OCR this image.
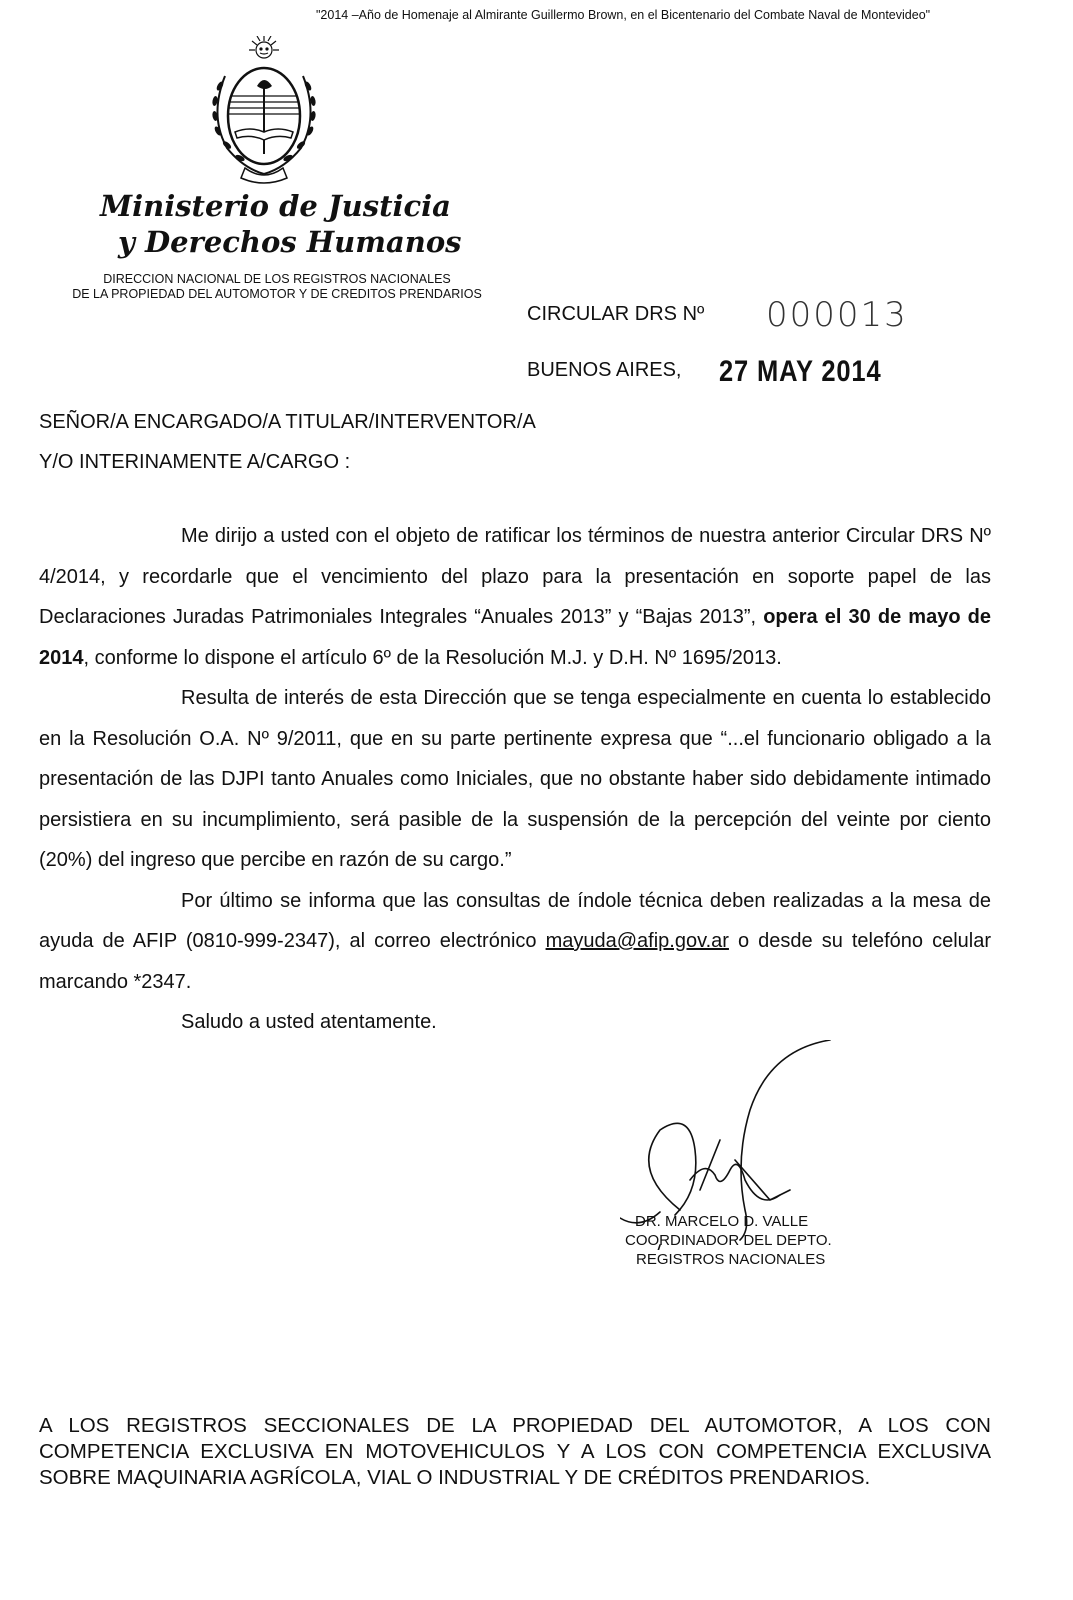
"2014 –Año de Homenaje al Almirante Guillermo Brown, en el Bicentenario del Combate Naval de Montevideo"
Ministerio de Justicia
y Derechos Humanos
DIRECCION NACIONAL DE LOS REGISTROS NACIONALES
DE LA PROPIEDAD DEL AUTOMOTOR Y DE CREDITOS PRENDARIOS
CIRCULAR DRS Nº 000013
BUENOS AIRES, 27 MAY 2014
SEÑOR/A ENCARGADO/A TITULAR/INTERVENTOR/A
Y/O INTERINAMENTE A/CARGO :

Me dirijo a usted con el objeto de ratificar los términos de nuestra anterior Circular DRS Nº 4/2014, y recordarle que el vencimiento del plazo para la presentación en soporte papel de las Declaraciones Juradas Patrimoniales Integrales “Anuales 2013” y “Bajas 2013”, opera el 30 de mayo de 2014, conforme lo dispone el artículo 6º de la Resolución M.J. y D.H. Nº 1695/2013.

Resulta de interés de esta Dirección que se tenga especialmente en cuenta lo establecido en la Resolución O.A. Nº 9/2011, que en su parte pertinente expresa que “...el funcionario obligado a la presentación de las DJPI tanto Anuales como Iniciales, que no obstante haber sido debidamente intimado persistiera en su incumplimiento, será pasible de la suspensión de la percepción del veinte por ciento (20%) del ingreso que percibe en razón de su cargo.”

Por último se informa que las consultas de índole técnica deben realizadas a la mesa de ayuda de AFIP (0810-999-2347), al correo electrónico mayuda@afip.gov.ar o desde su telefóno celular marcando *2347.

Saludo a usted atentamente.

DR. MARCELO D. VALLE
COORDINADOR DEL DEPTO.
REGISTROS NACIONALES
A LOS REGISTROS SECCIONALES DE LA PROPIEDAD DEL AUTOMOTOR, A LOS CON COMPETENCIA EXCLUSIVA EN MOTOVEHICULOS Y A LOS CON COMPETENCIA EXCLUSIVA SOBRE MAQUINARIA AGRÍCOLA, VIAL O INDUSTRIAL Y DE CRÉDITOS PRENDARIOS.
